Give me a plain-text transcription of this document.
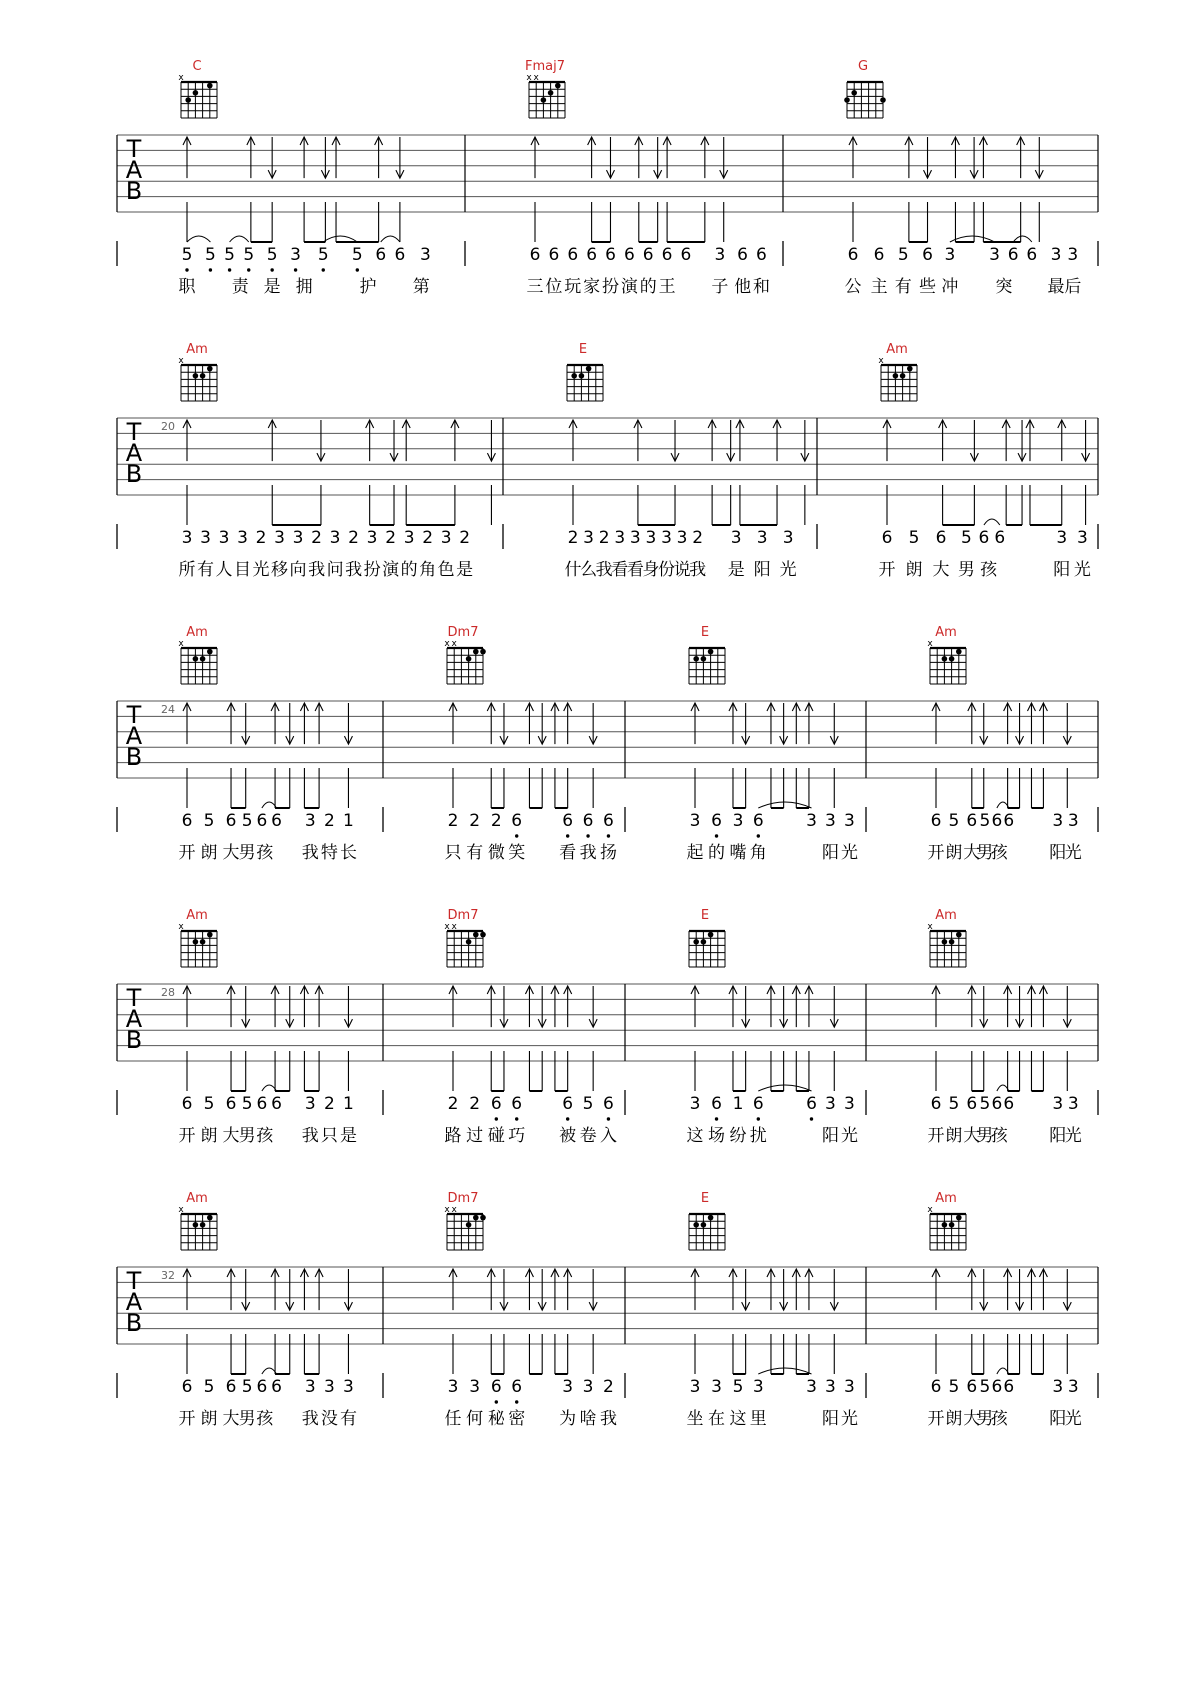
T
A
B
C
x
5 5 5 5 5 3 5 5 6 6 3
职 责 是 拥	护 第
Fmaj7
x x
6 6 6 6 6 6 6 6 6 3 6 6
三 位 玩 家 扮 演 的 王 子 他 和
G
6 6 5 6 3 3 6 6 3 3
公 主 有 些 冲 突 最 后
T
A
B
20
Am
x
3 3 3 3 2 3 3 2 3 2 3 2 3 2 3 2
所 有 人 目 光 移 向 我 问 我 扮 演 的 角 色 是
E
2 3 2 3 3 3 3 3 2 3 3 3
什
么
我
看
看
身
份
说
我 是 阳 光
Am
x
6 5 6 5 6 6	3 3
开 朗 大 男 孩	阳 光
T
A
B
24
Am
x
6 5 6 5 6 6 3 2 1
开 朗 大 男 孩 我 特 长
Dm7
x x
2 2 2 6 6 6 6
只 有 微 笑 看 我 扬
E
3 6 3 6 3 3 3
起 的 嘴 角	阳 光
Am
x
6 5 6 5 6 6 3 3
开 朗 大
男
孩 阳
光
T
A
B
28
Am
x
6 5 6 5 6 6 3 2 1
开 朗 大 男 孩 我 只 是
Dm7
x x
2 2 6 6 6 5 6
路 过 碰 巧 被 卷 入
E
3 6 1 6 6 3 3
这 场 纷 扰	阳 光
Am
x
6 5 6 5 6 6 3 3
开 朗 大
男
孩 阳
光
T
A
B
32
Am
x
6 5 6 5 6 6 3 3 3
开 朗 大 男 孩 我 没 有
Dm7
x x
3 3 6 6 3 3 2
任 何 秘 密 为 啥 我
E
3 3 5 3 3 3 3
坐 在 这 里	阳 光
Am
x
6 5 6 5 6 6 3 3
开 朗 大
男
孩 阳
光
